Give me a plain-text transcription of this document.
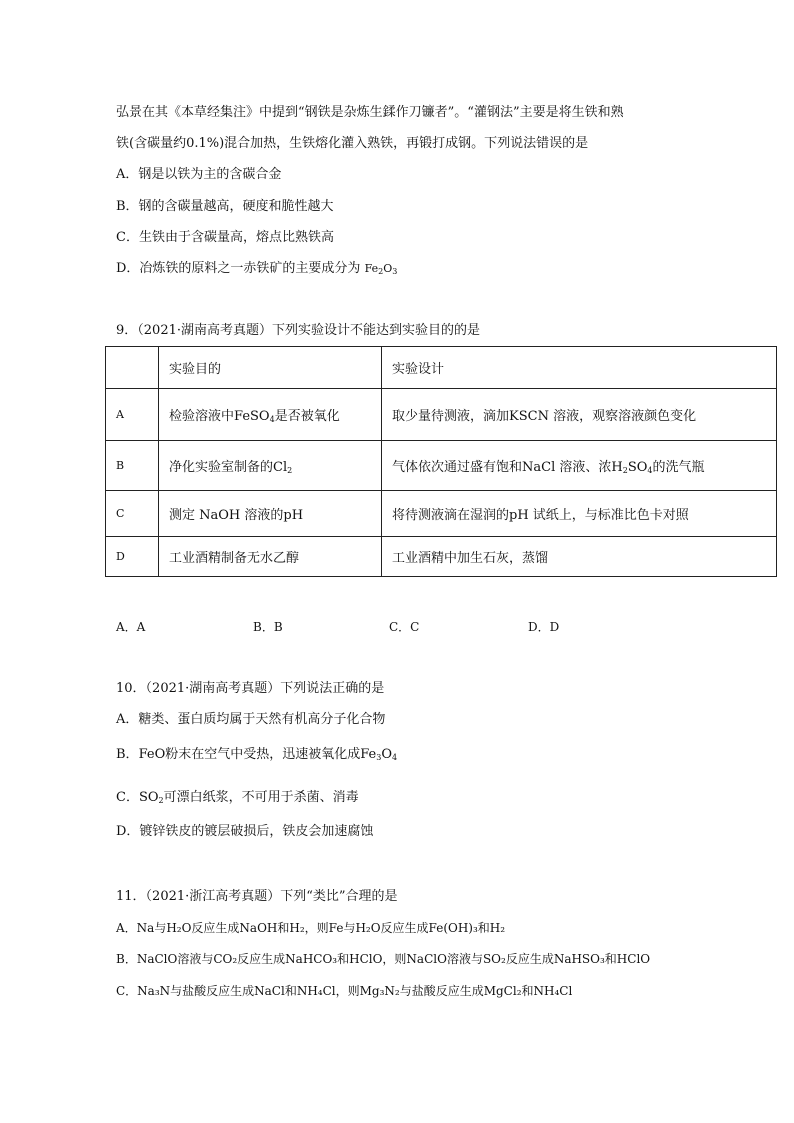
弘景在其《本草经集注》中提到“钢铁是杂炼生鍒作刀镰者”。“灌钢法”主要是将生铁和熟
铁(含碳量约0.1%)混合加热，生铁熔化灌入熟铁，再锻打成钢。下列说法错误的是
A．钢是以铁为主的含碳合金
B．钢的含碳量越高，硬度和脆性越大
C．生铁由于含碳量高，熔点比熟铁高
D．冶炼铁的原料之一赤铁矿的主要成分为 $Fe_2O_3$
9．（2021·湖南高考真题）下列实验设计不能达到实验目的的是
	实验目的	实验设计
A	检验溶液中FeSO$_4$是否被氧化	取少量待测液，滴加KSCN 溶液，观察溶液颜色变化
B	净化实验室制备的$Cl_2$	气体依次通过盛有饱和NaCl 溶液、浓$H_2SO_4$的洗气瓶
C	测定 NaOH 溶液的pH	将待测液滴在湿润的pH 试纸上，与标准比色卡对照
D	工业酒精制备无水乙醇	工业酒精中加生石灰，蒸馏
A．A	B．B	C．C	D．D
10．（2021·湖南高考真题）下列说法正确的是
A．糖类、蛋白质均属于天然有机高分子化合物
B．FeO粉末在空气中受热，迅速被氧化成$Fe_3O_4$
C．$SO_2$可漂白纸浆，不可用于杀菌、消毒
D．镀锌铁皮的镀层破损后，铁皮会加速腐蚀
11．（2021·浙江高考真题）下列“类比”合理的是
A．Na与H₂O反应生成NaOH和H₂，则Fe与H₂O反应生成Fe(OH)₃和H₂
B．NaClO溶液与CO₂反应生成NaHCO₃和HClO，则NaClO溶液与SO₂反应生成NaHSO₃和HClO
C．Na₃N与盐酸反应生成NaCl和NH₄Cl，则Mg₃N₂与盐酸反应生成MgCl₂和NH₄Cl
